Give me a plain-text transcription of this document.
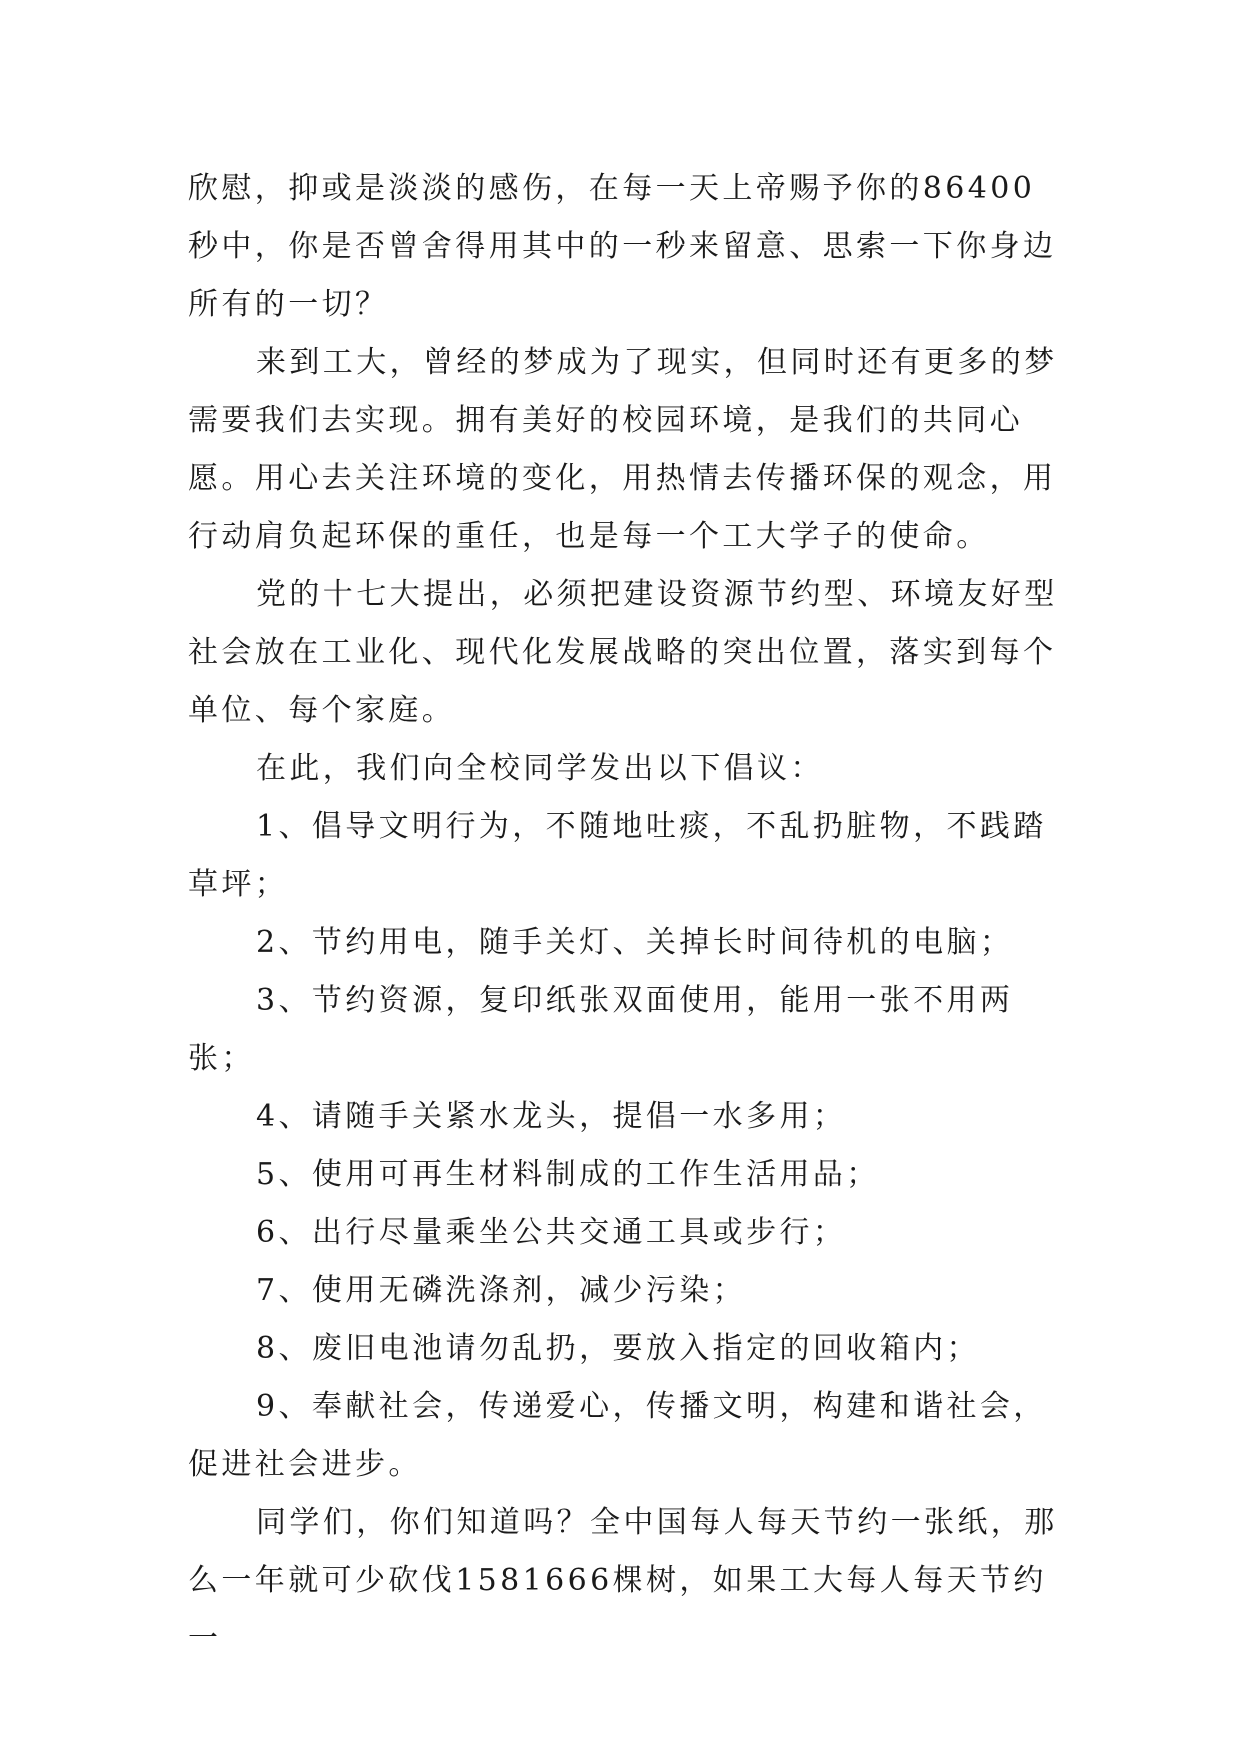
欣慰，抑或是淡淡的感伤，在每一天上帝赐予你的86400秒中，你是否曾舍得用其中的一秒来留意、思索一下你身边所有的一切？

来到工大，曾经的梦成为了现实，但同时还有更多的梦需要我们去实现。拥有美好的校园环境，是我们的共同心愿。用心去关注环境的变化，用热情去传播环保的观念，用行动肩负起环保的重任，也是每一个工大学子的使命。

党的十七大提出，必须把建设资源节约型、环境友好型社会放在工业化、现代化发展战略的突出位置，落实到每个单位、每个家庭。

在此，我们向全校同学发出以下倡议：

1、倡导文明行为，不随地吐痰，不乱扔脏物，不践踏草坪；

2、节约用电，随手关灯、关掉长时间待机的电脑；

3、节约资源，复印纸张双面使用，能用一张不用两张；

4、请随手关紧水龙头，提倡一水多用；

5、使用可再生材料制成的工作生活用品；

6、出行尽量乘坐公共交通工具或步行；

7、使用无磷洗涤剂，减少污染；

8、废旧电池请勿乱扔，要放入指定的回收箱内；

9、奉献社会，传递爱心，传播文明，构建和谐社会，促进社会进步。

同学们，你们知道吗？全中国每人每天节约一张纸，那么一年就可少砍伐1581666棵树，如果工大每人每天节约一
